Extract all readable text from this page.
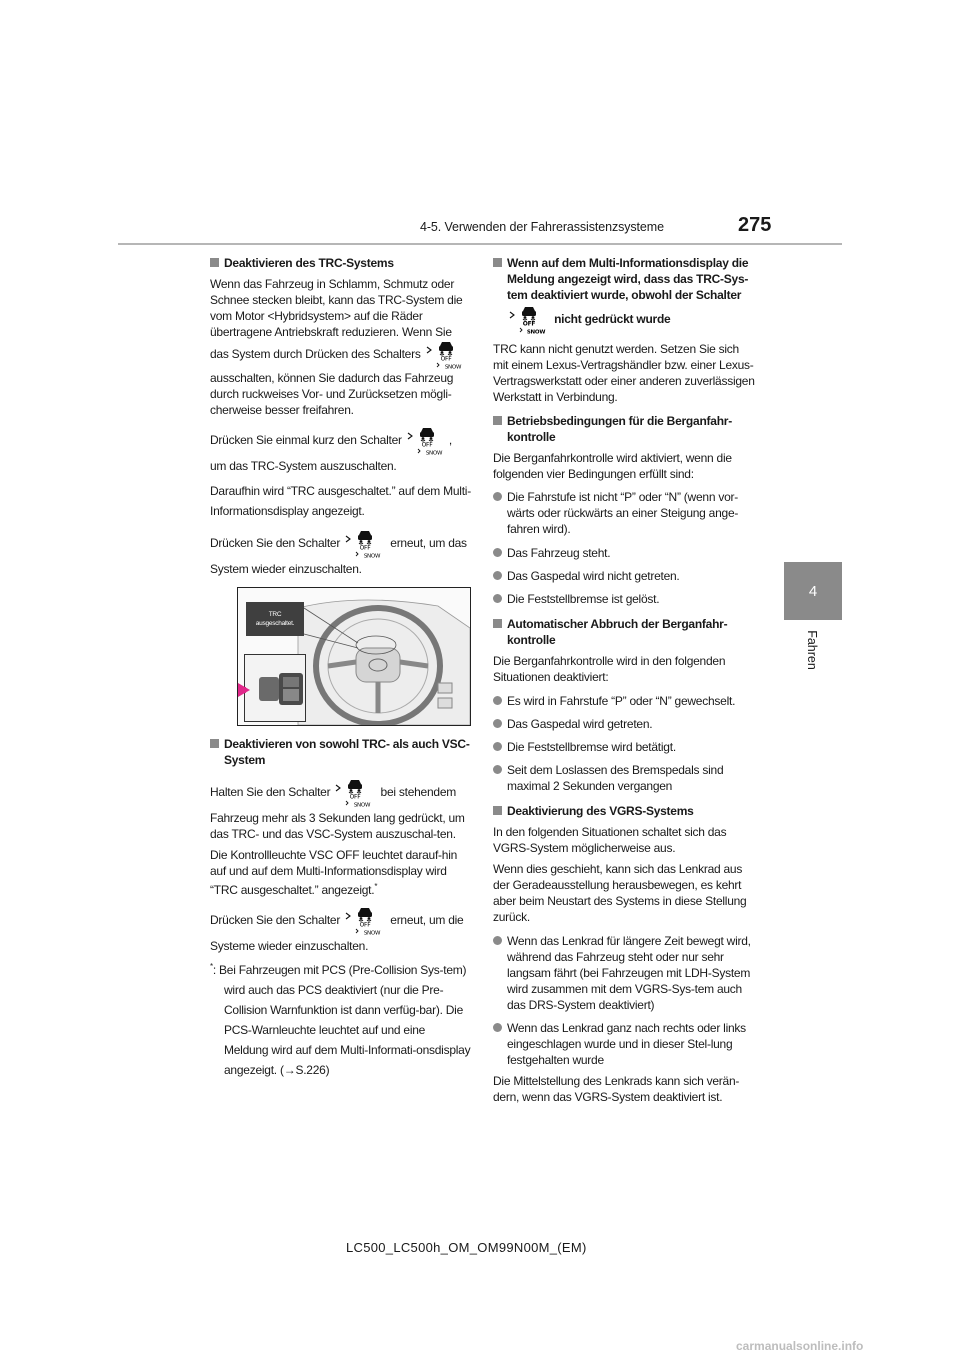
4-5. Verwenden der Fahrerassistenzsysteme	275
4
Fahren

Deaktivieren des TRC-Systems

Wenn das Fahrzeug in Schlamm, Schmutz oder Schnee stecken bleibt, kann das TRC-System die vom Motor <Hybridsystem> auf die Räder übertragene Antriebskraft reduzieren. Wenn Sie das System durch Drücken des Schalters	OFF
SNOW
ausschalten, können Sie dadurch das Fahrzeug durch ruckweises Vor- und Zurücksetzen mögli-cherweise besser freifahren.

Drücken Sie einmal kurz den Schalter	OFF
SNOW
,
um das TRC-System auszuschalten.

Daraufhin wird “TRC ausgeschaltet.” auf dem Multi-Informationsdisplay angezeigt.

Drücken Sie den Schalter	OFF
SNOW
erneut, um das
System wieder einzuschalten.

TRC
ausgeschaltet.

Deaktivieren von sowohl TRC- als auch VSC-System

Halten Sie den Schalter	OFF
SNOW
bei stehendem

Fahrzeug mehr als 3 Sekunden lang gedrückt, um das TRC- und das VSC-System auszuschal-ten.

Die Kontrollleuchte VSC OFF leuchtet darauf-hin auf und auf dem Multi-Informationsdisplay wird “TRC ausgeschaltet.” angezeigt.*

Drücken Sie den Schalter	OFF
SNOW
erneut, um die
Systeme wieder einzuschalten.

*: Bei Fahrzeugen mit PCS (Pre-Collision Sys-tem) wird auch das PCS deaktiviert (nur die Pre-Collision Warnfunktion ist dann verfüg-bar). Die PCS-Warnleuchte leuchtet auf und eine Meldung wird auf dem Multi-Informati-onsdisplay angezeigt. (→S.226)

Wenn auf dem Multi-Informationsdisplay die Meldung angezeigt wird, dass das TRC-Sys-tem deaktiviert wurde, obwohl der Schalter

OFF
SNOW
nicht gedrückt wurde

TRC kann nicht genutzt werden. Setzen Sie sich mit einem Lexus-Vertragshändler bzw. einer Lexus-Vertragswerkstatt oder einer anderen zuverlässigen Werkstatt in Verbindung.

Betriebsbedingungen für die Berganfahr-kontrolle

Die Berganfahrkontrolle wird aktiviert, wenn die folgenden vier Bedingungen erfüllt sind:

Die Fahrstufe ist nicht “P” oder “N” (wenn vor-wärts oder rückwärts an einer Steigung ange-fahren wird).
Das Fahrzeug steht.
Das Gaspedal wird nicht getreten.
Die Feststellbremse ist gelöst.

Automatischer Abbruch der Berganfahr-kontrolle

Die Berganfahrkontrolle wird in den folgenden Situationen deaktiviert:

Es wird in Fahrstufe “P” oder “N” gewechselt.
Das Gaspedal wird getreten.
Die Feststellbremse wird betätigt.
Seit dem Loslassen des Bremspedals sind maximal 2 Sekunden vergangen

Deaktivierung des VGRS-Systems

In den folgenden Situationen schaltet sich das VGRS-System möglicherweise aus.

Wenn dies geschieht, kann sich das Lenkrad aus der Geradeausstellung herausbewegen, es kehrt aber beim Neustart des Systems in diese Stellung zurück.

Wenn das Lenkrad für längere Zeit bewegt wird, während das Fahrzeug steht oder nur sehr langsam fährt (bei Fahrzeugen mit LDH-System wird zusammen mit dem VGRS-Sys-tem auch das DRS-System deaktiviert)
Wenn das Lenkrad ganz nach rechts oder links eingeschlagen wurde und in dieser Stel-lung festgehalten wurde

Die Mittelstellung des Lenkrads kann sich verän-dern, wenn das VGRS-System deaktiviert ist.

LC500_LC500h_OM_OM99N00M_(EM)
carmanualsonline.info
